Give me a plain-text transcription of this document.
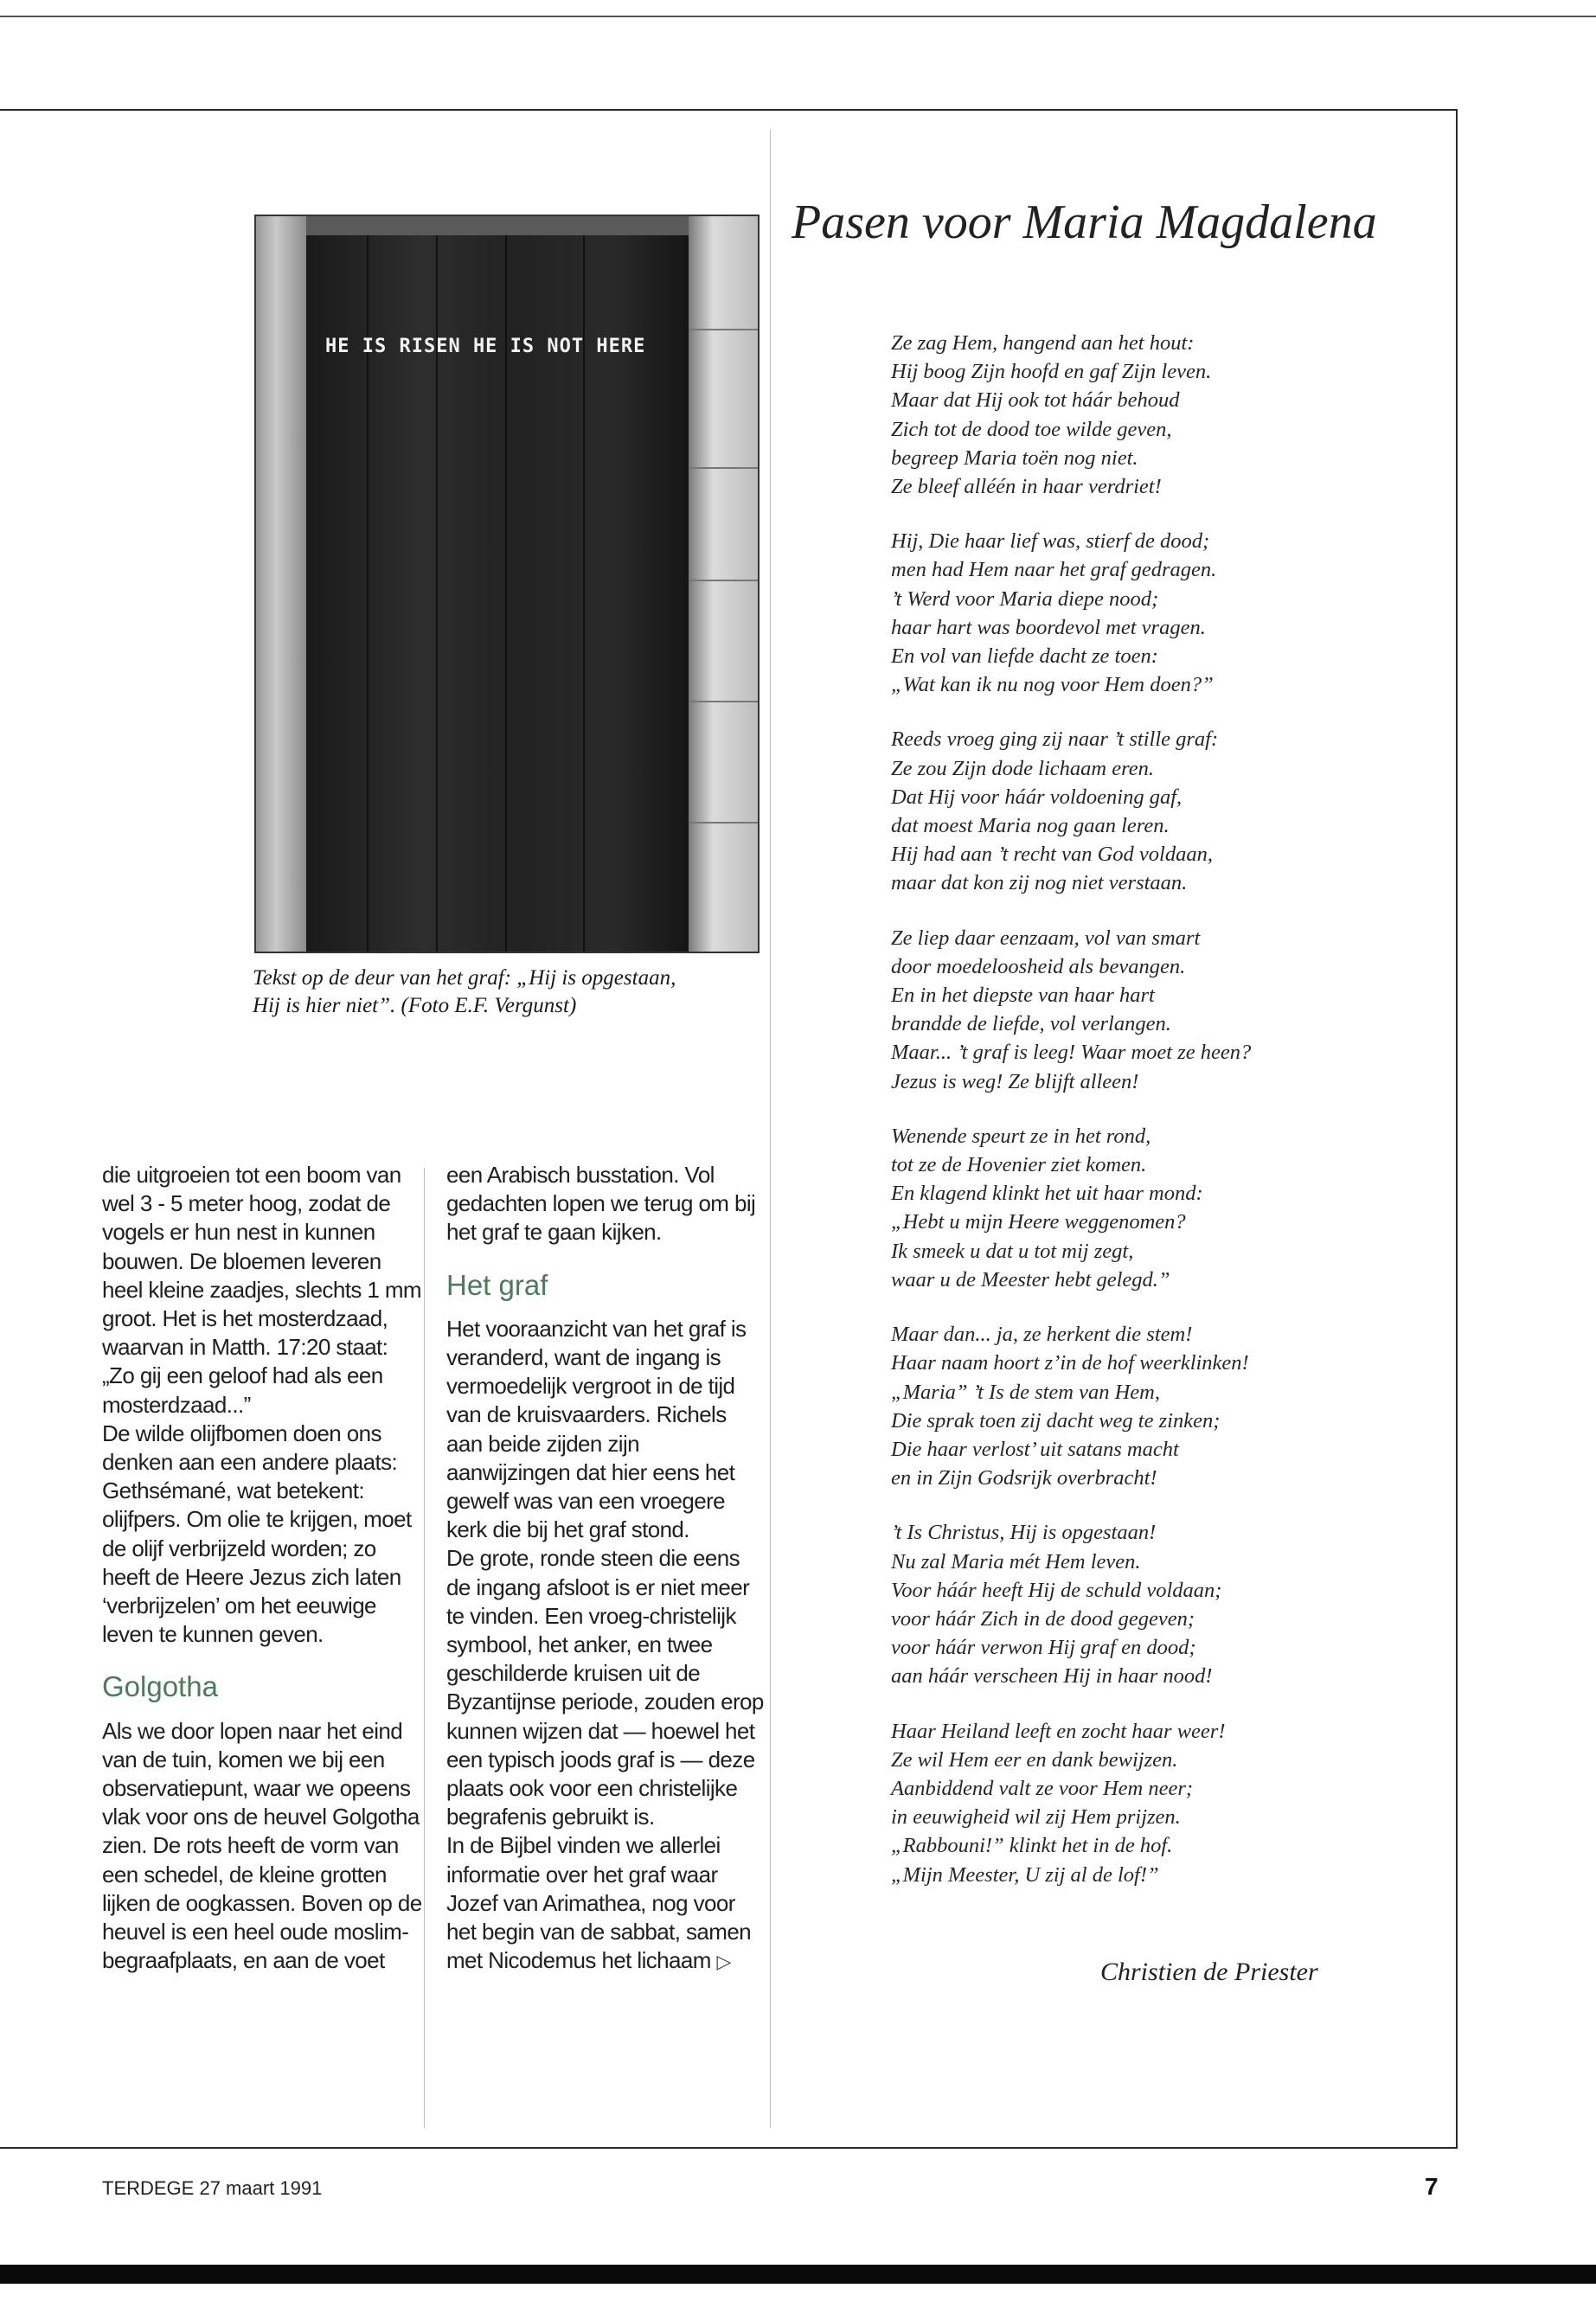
HE IS RISEN HE IS NOT HERE
Tekst op de deur van het graf: „Hij is opgestaan, Hij is hier niet”. (Foto E.F. Vergunst)

die uitgroeien tot een boom van wel 3 - 5 meter hoog, zodat de vogels er hun nest in kunnen bouwen. De bloemen leveren heel kleine zaadjes, slechts 1 mm groot. Het is het mosterdzaad, waarvan in Matth. 17:20 staat: „Zo gij een geloof had als een mosterdzaad...”

De wilde olijfbomen doen ons denken aan een andere plaats: Gethsémané, wat betekent: olijfpers. Om olie te krijgen, moet de olijf verbrijzeld worden; zo heeft de Heere Jezus zich laten ‘verbrijzelen’ om het eeuwige leven te kunnen geven.

Golgotha

Als we door lopen naar het eind van de tuin, komen we bij een observatiepunt, waar we opeens vlak voor ons de heuvel Golgotha zien. De rots heeft de vorm van een schedel, de kleine grotten lijken de oogkassen. Boven op de heuvel is een heel oude moslim-begraafplaats, en aan de voet

een Arabisch busstation. Vol gedachten lopen we terug om bij het graf te gaan kijken.

Het graf

Het vooraanzicht van het graf is veranderd, want de ingang is vermoedelijk vergroot in de tijd van de kruisvaarders. Richels aan beide zijden zijn aanwijzingen dat hier eens het gewelf was van een vroegere kerk die bij het graf stond.

De grote, ronde steen die eens de ingang afsloot is er niet meer te vinden. Een vroeg-christelijk symbool, het anker, en twee geschilderde kruisen uit de Byzantijnse periode, zouden erop kunnen wijzen dat — hoewel het een typisch joods graf is — deze plaats ook voor een christelijke begrafenis gebruikt is.

In de Bijbel vinden we allerlei informatie over het graf waar Jozef van Arimathea, nog voor het begin van de sabbat, samen met Nicodemus het lichaam ▷

Pasen voor Maria Magdalena
Ze zag Hem, hangend aan het hout:
Hij boog Zijn hoofd en gaf Zijn leven.
Maar dat Hij ook tot háár behoud
Zich tot de dood toe wilde geven,
begreep Maria toën nog niet.
Ze bleef alléén in haar verdriet!
Hij, Die haar lief was, stierf de dood;
men had Hem naar het graf gedragen.
’t Werd voor Maria diepe nood;
haar hart was boordevol met vragen.
En vol van liefde dacht ze toen:
„Wat kan ik nu nog voor Hem doen?”
Reeds vroeg ging zij naar ’t stille graf:
Ze zou Zijn dode lichaam eren.
Dat Hij voor háár voldoening gaf,
dat moest Maria nog gaan leren.
Hij had aan ’t recht van God voldaan,
maar dat kon zij nog niet verstaan.
Ze liep daar eenzaam, vol van smart
door moedeloosheid als bevangen.
En in het diepste van haar hart
brandde de liefde, vol verlangen.
Maar... ’t graf is leeg! Waar moet ze heen?
Jezus is weg! Ze blijft alleen!
Wenende speurt ze in het rond,
tot ze de Hovenier ziet komen.
En klagend klinkt het uit haar mond:
„Hebt u mijn Heere weggenomen?
Ik smeek u dat u tot mij zegt,
waar u de Meester hebt gelegd.”
Maar dan... ja, ze herkent die stem!
Haar naam hoort z’in de hof weerklinken!
„Maria” ’t Is de stem van Hem,
Die sprak toen zij dacht weg te zinken;
Die haar verlost’ uit satans macht
en in Zijn Godsrijk overbracht!
’t Is Christus, Hij is opgestaan!
Nu zal Maria mét Hem leven.
Voor háár heeft Hij de schuld voldaan;
voor háár Zich in de dood gegeven;
voor háár verwon Hij graf en dood;
aan háár verscheen Hij in haar nood!
Haar Heiland leeft en zocht haar weer!
Ze wil Hem eer en dank bewijzen.
Aanbiddend valt ze voor Hem neer;
in eeuwigheid wil zij Hem prijzen.
„Rabbouni!” klinkt het in de hof.
„Mijn Meester, U zij al de lof!”
Christien de Priester
TERDEGE 27 maart 1991	7
